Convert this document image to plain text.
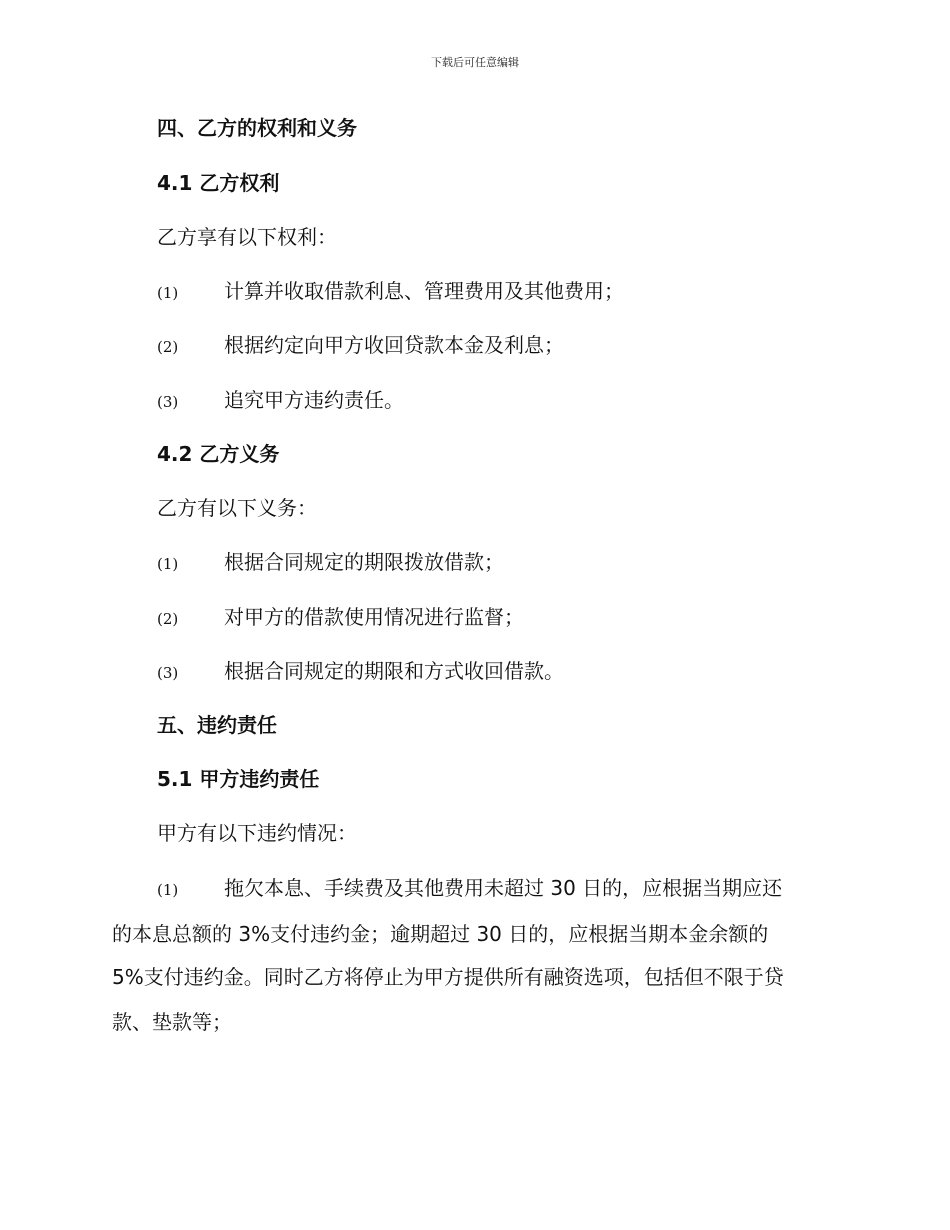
下载后可任意编辑
四、乙方的权利和义务
4.1 乙方权利
乙方享有以下权利：
(1) 计算并收取借款利息、管理费用及其他费用；
(2) 根据约定向甲方收回贷款本金及利息；
(3) 追究甲方违约责任。
4.2 乙方义务
乙方有以下义务：
(1) 根据合同规定的期限拨放借款；
(2) 对甲方的借款使用情况进行监督；
(3) 根据合同规定的期限和方式收回借款。
五、违约责任
5.1 甲方违约责任
甲方有以下违约情况：
(1) 拖欠本息、手续费及其他费用未超过 30 日的，应根据当期应还
的本息总额的 3%支付违约金；逾期超过 30 日的，应根据当期本金余额的
5%支付违约金。同时乙方将停止为甲方提供所有融资选项，包括但不限于贷
款、垫款等；
